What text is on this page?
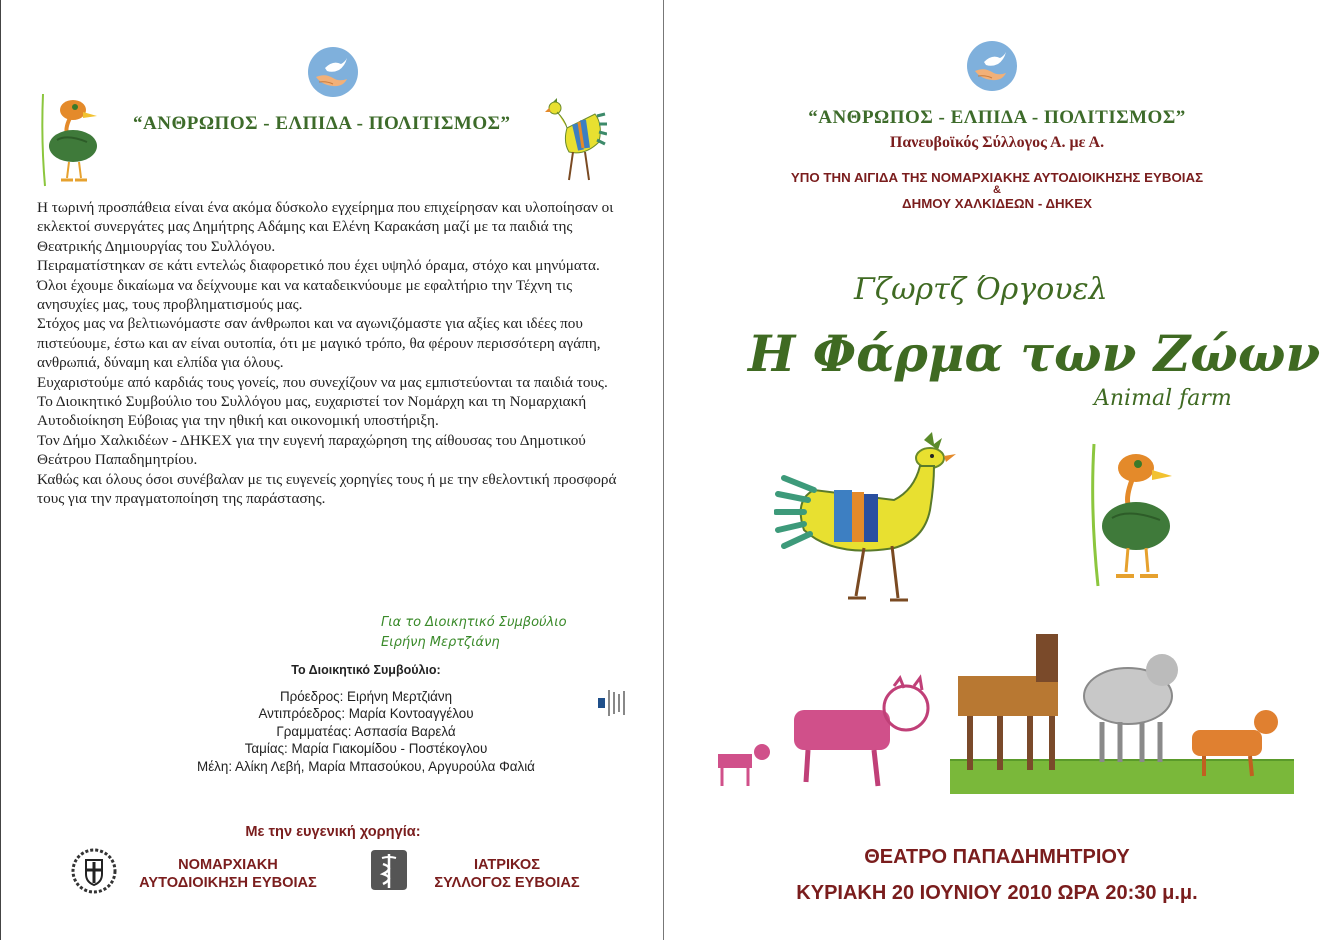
“ΑΝΘΡΩΠΟΣ - ΕΛΠΙΔΑ - ΠΟΛΙΤΙΣΜΟΣ”

Η τωρινή προσπάθεια είναι ένα ακόμα δύσκολο εγχείρημα που επιχείρησαν και υλοποίησαν οι εκλεκτοί συνεργάτες μας Δημήτρης Αδάμης και Ελένη Καρακάση μαζί με τα παιδιά της Θεατρικής Δημιουργίας του Συλλόγου.

Πειραματίστηκαν σε κάτι εντελώς διαφορετικό που έχει υψηλό όραμα, στόχο και μηνύματα.

Όλοι έχουμε δικαίωμα να δείχνουμε και να καταδεικνύουμε με εφαλτήριο την Τέχνη τις ανησυχίες μας, τους προβληματισμούς μας.

Στόχος μας να βελτιωνόμαστε σαν άνθρωποι και να αγωνιζόμαστε για αξίες και ιδέες που πιστεύουμε, έστω και αν είναι ουτοπία, ότι με μαγικό τρόπο, θα φέρουν περισσότερη αγάπη, ανθρωπιά, δύναμη και ελπίδα για όλους.

Ευχαριστούμε από καρδιάς τους γονείς, που συνεχίζουν να μας εμπιστεύονται τα παιδιά τους.

Το Διοικητικό Συμβούλιο του Συλλόγου μας, ευχαριστεί τον Νομάρχη και τη Νομαρχιακή Αυτοδιοίκηση Εύβοιας για την ηθική και οικονομική υποστήριξη.

Τον Δήμο Χαλκιδέων - ΔΗΚΕΧ για την ευγενή παραχώρηση της αίθουσας του Δημοτικού Θεάτρου Παπαδημητρίου.

Καθώς και όλους όσοι συνέβαλαν με τις ευγενείς χορηγίες τους ή με την εθελοντική προσφορά τους για την πραγματοποίηση της παράστασης.

Για το Διοικητικό Συμβούλιο
Ειρήνη Μερτζιάνη
Το Διοικητικό Συμβούλιο:
Πρόεδρος: Ειρήνη Μερτζιάνη
Αντιπρόεδρος: Μαρία Κοντοαγγέλου
Γραμματέας: Ασπασία Βαρελά
Ταμίας: Μαρία Γιακομίδου - Ποστέκογλου
Μέλη: Αλίκη Λεβή, Μαρία Μπασούκου, Αργυρούλα Φαλιά
Με την ευγενική χορηγία:
ΝΟΜΑΡΧΙΑΚΗ
ΑΥΤΟΔΙΟΙΚΗΣΗ ΕΥΒΟΙΑΣ
ΙΑΤΡΙΚΟΣ
ΣΥΛΛΟΓΟΣ ΕΥΒΟΙΑΣ
“ΑΝΘΡΩΠΟΣ - ΕΛΠΙΔΑ - ΠΟΛΙΤΙΣΜΟΣ”
Πανευβοϊκός Σύλλογος Α. με Α.
ΥΠΟ ΤΗΝ ΑΙΓΙΔΑ ΤΗΣ ΝΟΜΑΡΧΙΑΚΗΣ ΑΥΤΟΔΙΟΙΚΗΣΗΣ ΕΥΒΟΙΑΣ
&
ΔΗΜΟΥ ΧΑΛΚΙΔΕΩΝ - ΔΗΚΕΧ
Γζωρτζ Όργουελ
Η Φάρμα των Ζώων
Animal farm
ΘΕΑΤΡΟ ΠΑΠΑΔΗΜΗΤΡΙΟΥ
ΚΥΡΙΑΚΗ 20 ΙΟΥΝΙΟΥ 2010 ΩΡΑ 20:30 μ.μ.
